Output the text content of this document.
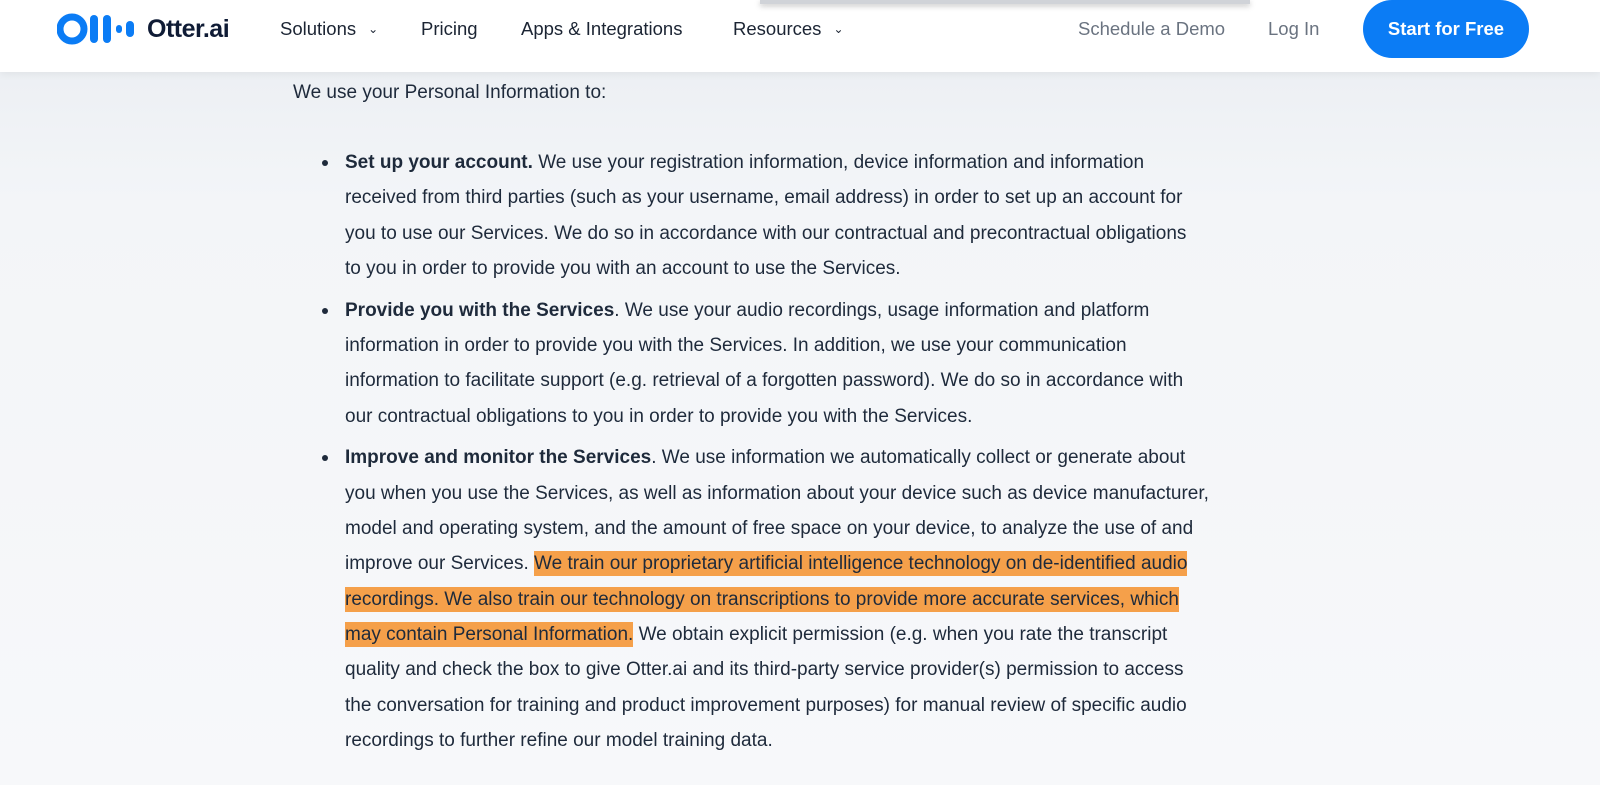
Otter.ai	Solutions ⌄ Pricing Apps & Integrations	Resources ⌄	Schedule a Demo Log In	Start for Free

We use your Personal Information to:

Set up your account. We use your registration information, device information and information
received from third parties (such as your username, email address) in order to set up an account for
you to use our Services. We do so in accordance with our contractual and precontractual obligations
to you in order to provide you with an account to use the Services.
Provide you with the Services. We use your audio recordings, usage information and platform
information in order to provide you with the Services. In addition, we use your communication
information to facilitate support (e.g. retrieval of a forgotten password). We do so in accordance with
our contractual obligations to you in order to provide you with the Services.
Improve and monitor the Services. We use information we automatically collect or generate about
you when you use the Services, as well as information about your device such as device manufacturer,
model and operating system, and the amount of free space on your device, to analyze the use of and
improve our Services. We train our proprietary artificial intelligence technology on de-identified audio
recordings. We also train our technology on transcriptions to provide more accurate services, which
may contain Personal Information. We obtain explicit permission (e.g. when you rate the transcript
quality and check the box to give Otter.ai and its third-party service provider(s) permission to access
the conversation for training and product improvement purposes) for manual review of specific audio
recordings to further refine our model training data.
